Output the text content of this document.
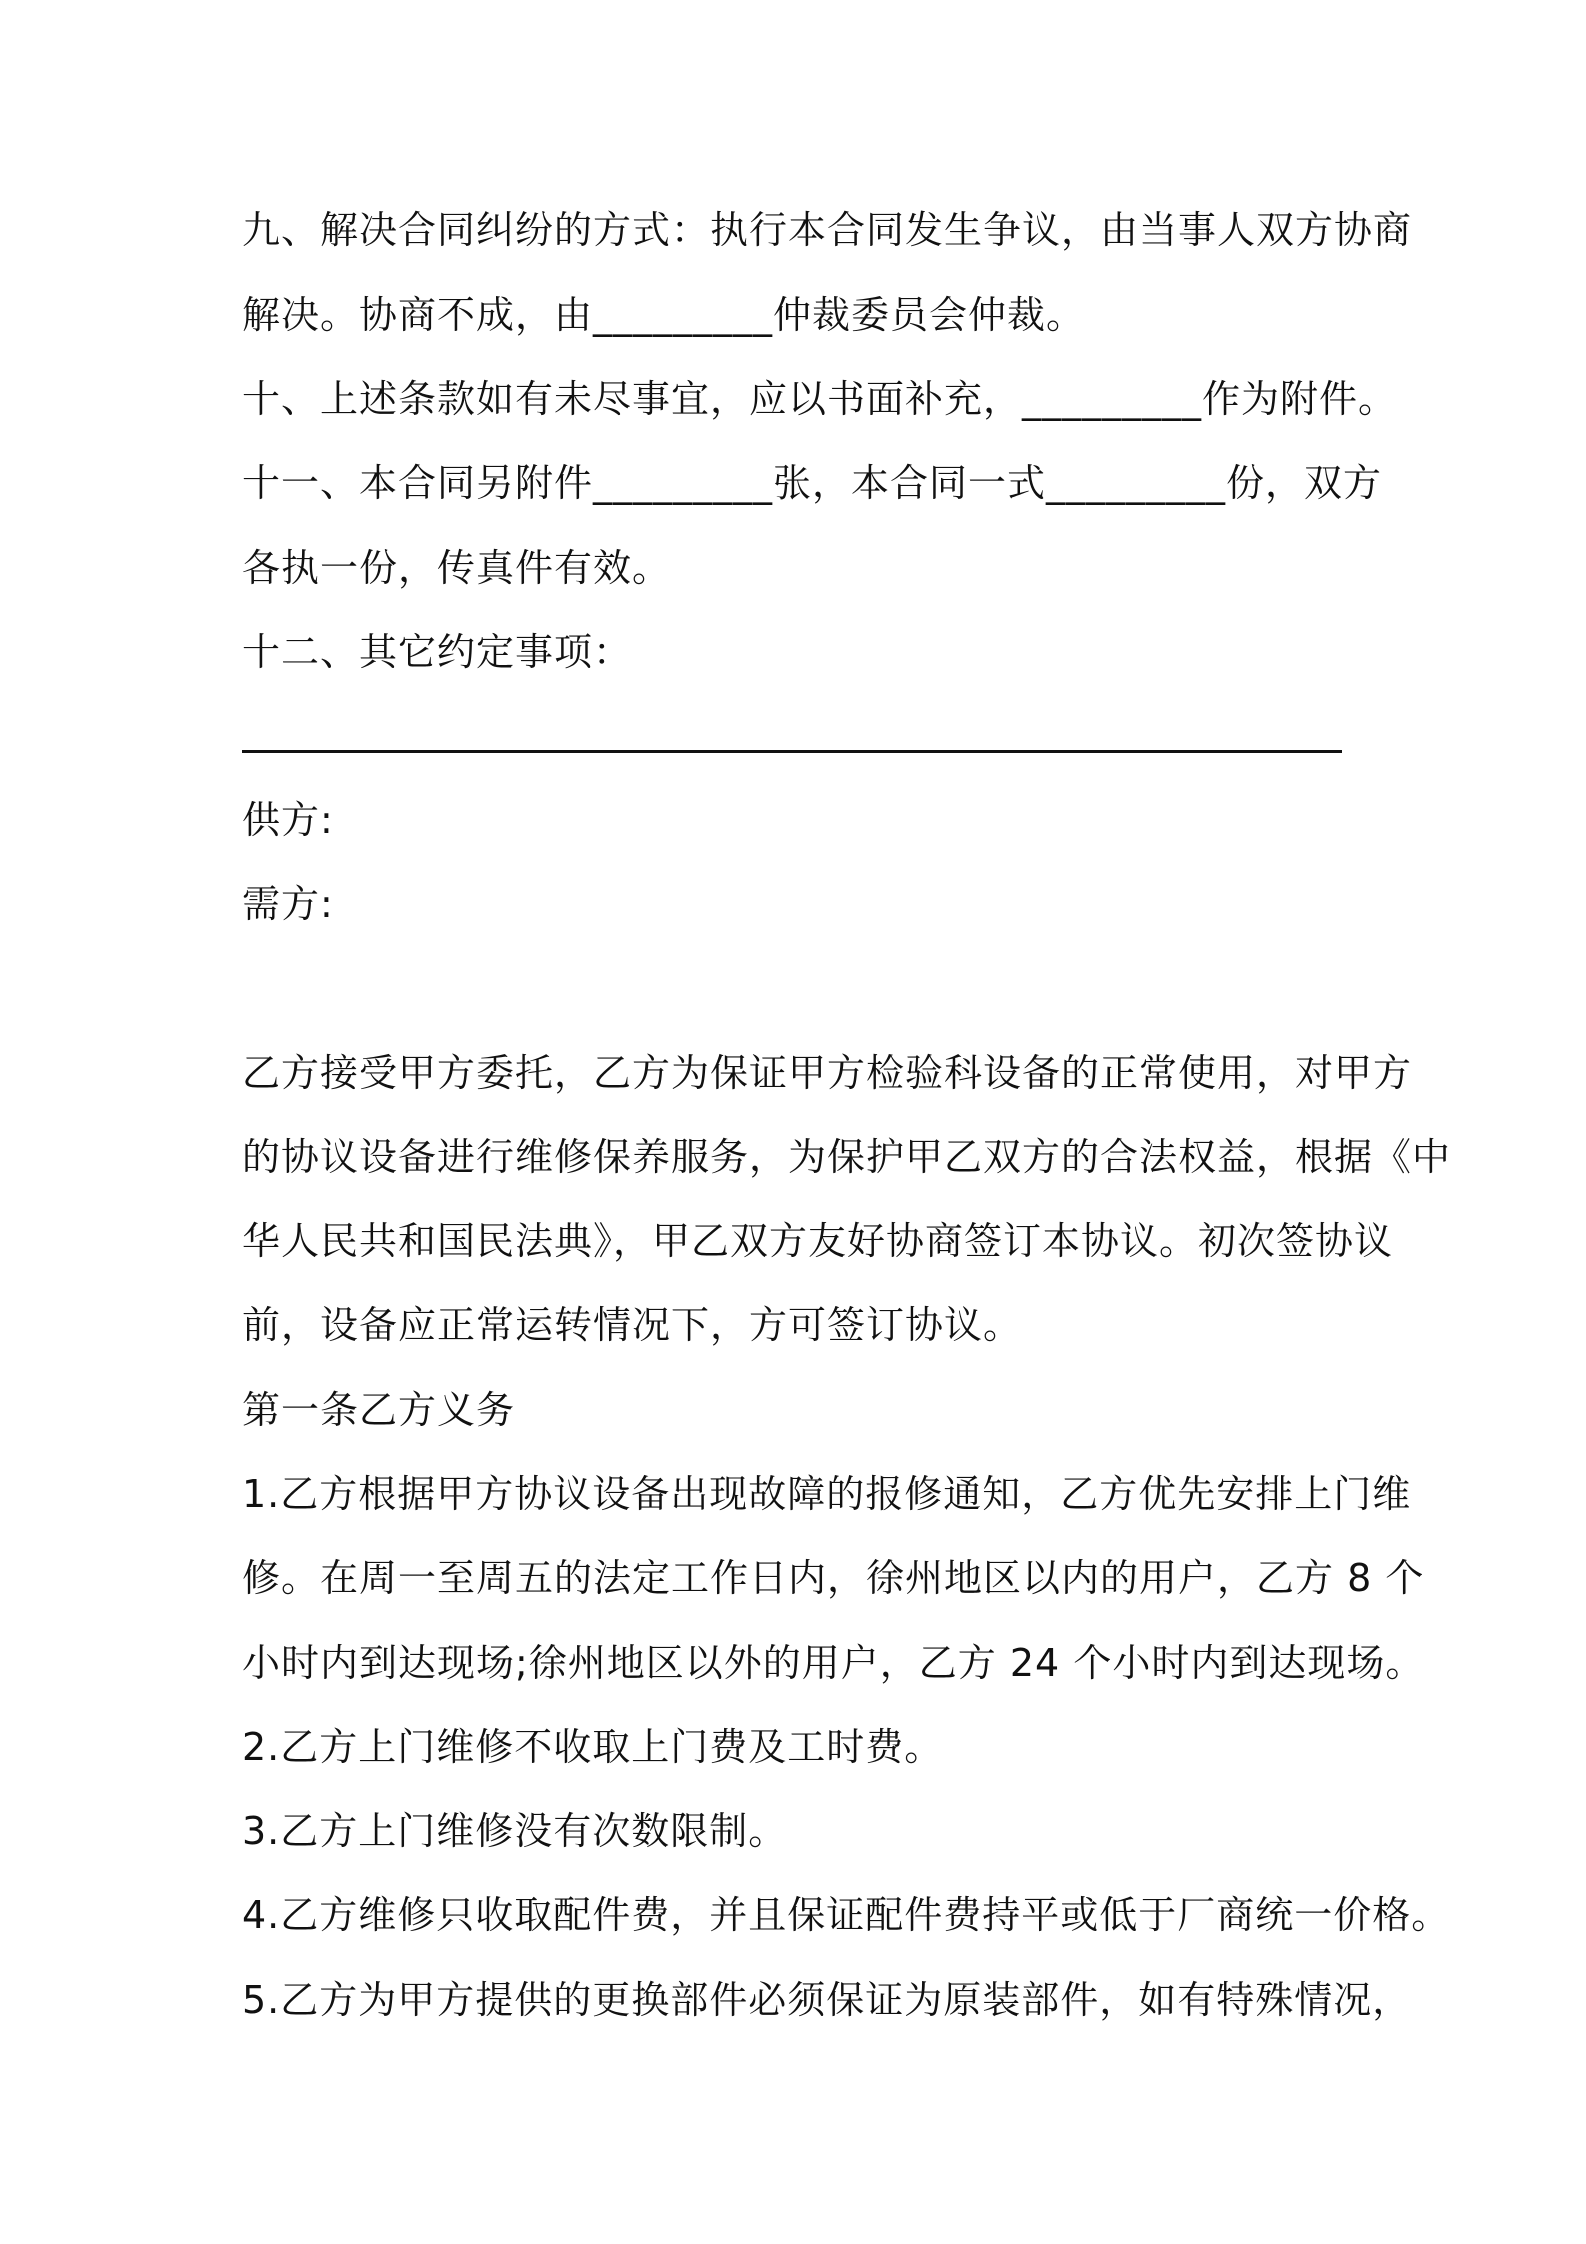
九、解决合同纠纷的方式：执行本合同发生争议，由当事人双方协商

解决。协商不成，由_________仲裁委员会仲裁。

十、上述条款如有未尽事宜，应以书面补充，_________作为附件。

十一、本合同另附件_________张，本合同一式_________份，双方

各执一份，传真件有效。

十二、其它约定事项：

供方:

需方:

乙方接受甲方委托，乙方为保证甲方检验科设备的正常使用，对甲方

的协议设备进行维修保养服务，为保护甲乙双方的合法权益，根据《中

华人民共和国民法典》，甲乙双方友好协商签订本协议。初次签协议

前，设备应正常运转情况下，方可签订协议。

第一条乙方义务

1.乙方根据甲方协议设备出现故障的报修通知，乙方优先安排上门维

修。在周一至周五的法定工作日内，徐州地区以内的用户，乙方 8 个

小时内到达现场;徐州地区以外的用户，乙方 24 个小时内到达现场。

2.乙方上门维修不收取上门费及工时费。

3.乙方上门维修没有次数限制。

4.乙方维修只收取配件费，并且保证配件费持平或低于厂商统一价格。

5.乙方为甲方提供的更换部件必须保证为原装部件，如有特殊情况，
